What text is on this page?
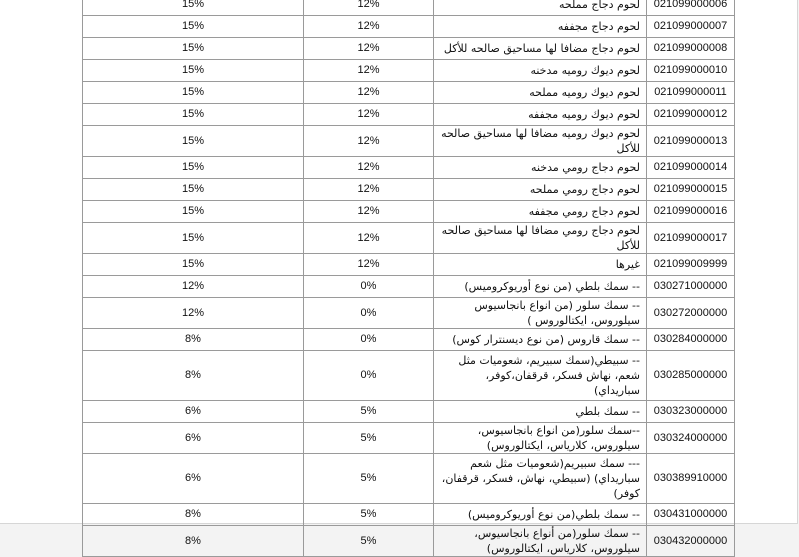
021099000006	لحوم دجاج مملحه	12%	15%
021099000007	لحوم دجاج مجففه	12%	15%
021099000008	لحوم دجاج مضافا لها مساحيق صالحه للأكل	12%	15%
021099000010	لحوم ديوك روميه مدخنه	12%	15%
021099000011	لحوم ديوك روميه مملحه	12%	15%
021099000012	لحوم ديوك روميه مجففه	12%	15%
021099000013	لحوم ديوك روميه مضافا لها مساحيق صالحه للأكل	12%	15%
021099000014	لحوم دجاج رومي مدخنه	12%	15%
021099000015	لحوم دجاج رومي مملحه	12%	15%
021099000016	لحوم دجاج رومي مجففه	12%	15%
021099000017	لحوم دجاج رومي مضافا لها مساحيق صالحه للأكل	12%	15%
021099009999	غيرها	12%	15%
030271000000	-- سمك بلطي (من نوع أوريوكروميس)	0%	12%
030272000000	-- سمك سلور (من انواع بانجاسيوس سيلوروس، ايكتالوروس )	0%	12%
030284000000	-- سمك قاروس (من نوع ديسنترار كوس)	0%	8%
030285000000	-- سبيطي(سمك سبيريم، شعوميات مثل شعم، نهاش فسكر، قرقفان،كوفر، سباريداي)	0%	8%
030323000000	-- سمك بلطي	5%	6%
030324000000	--سمك سلور(من انواع بانجاسيوس، سيلوروس، كلارياس، ايكتالوروس)	5%	6%
030389910000	--- سمك سبيريم(شعوميات مثل شعم سباريداي) (سبيطي، نهاش، فسكر، قرقفان، كوفر)	5%	6%
030431000000	-- سمك بلطي(من نوع أوريوكروميس)	5%	8%
030432000000	-- سمك سلور(من أنواع بانجاسيوس، سيلوروس، كلارياس، ايكتالوروس)	5%	8%
